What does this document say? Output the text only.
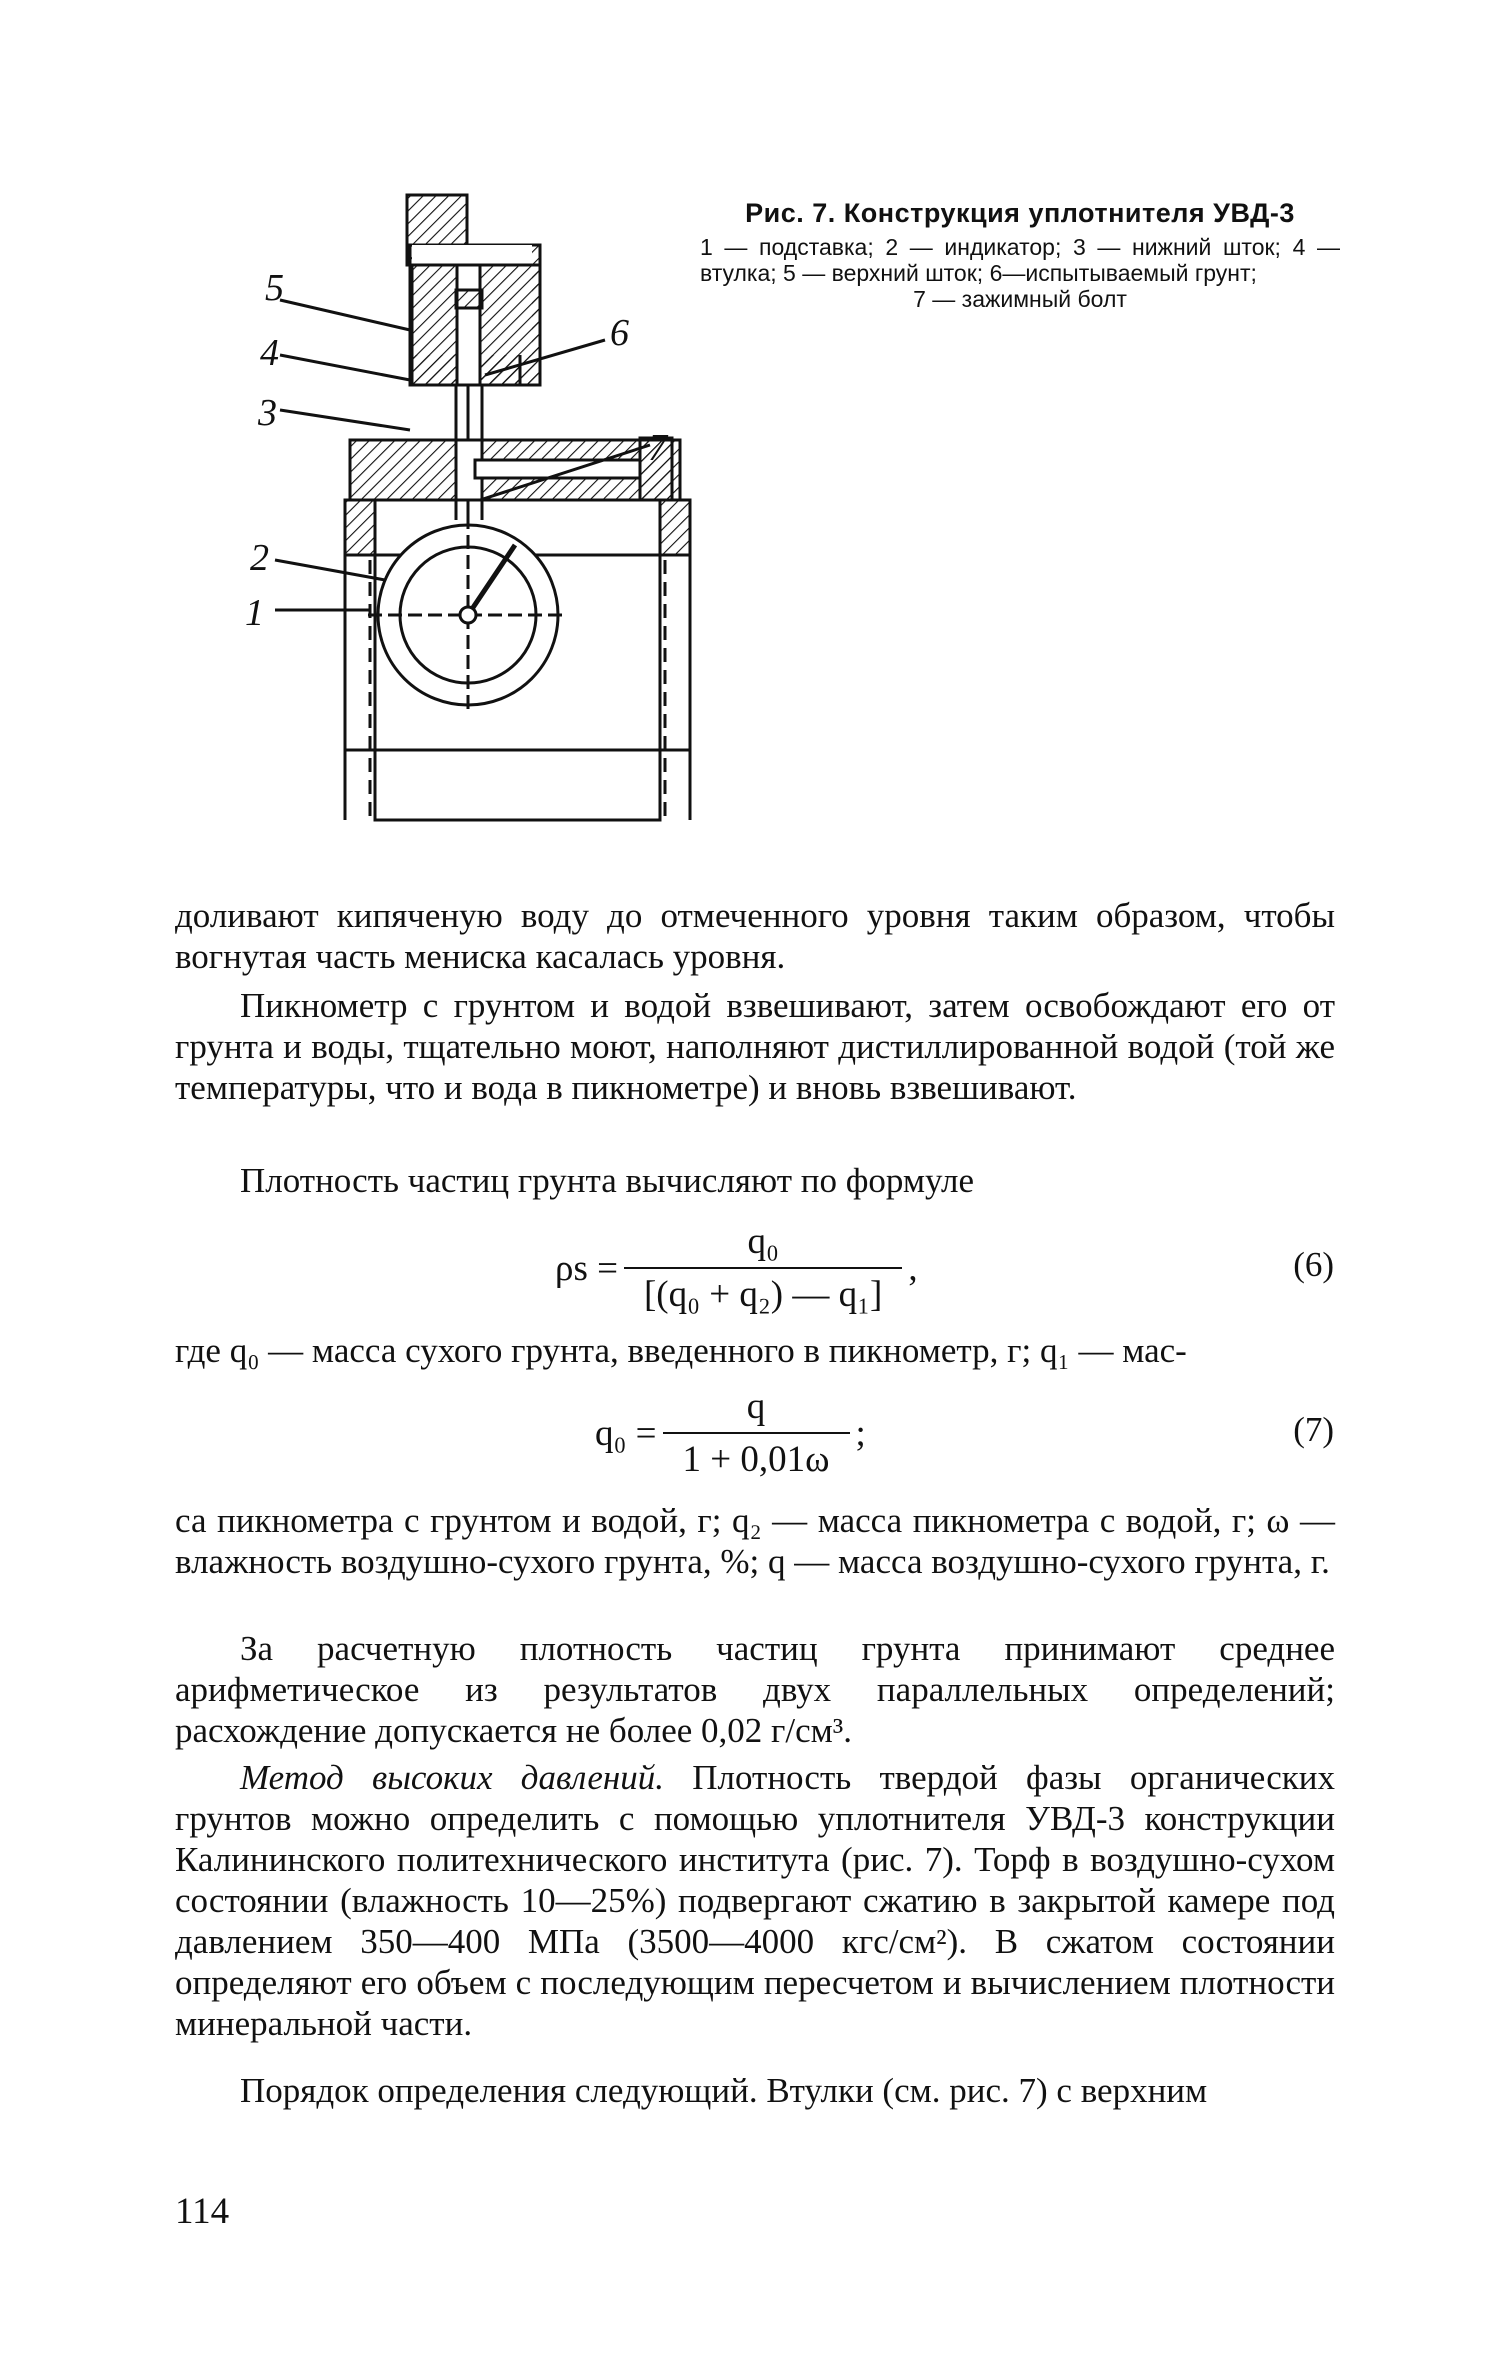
5
4
3
6
7
2
1
Рис. 7. Конструкция уплотнителя УВД-3
1 — подставка; 2 — индикатор; 3 — нижний шток; 4 — втулка; 5 — верхний шток; 6—испытываемый грунт;
7 — зажимный болт

доливают кипяченую воду до отмеченного уровня таким образом, чтобы вогнутая часть мениска касалась уровня.

Пикнометр с грунтом и водой взвешивают, затем освобождают его от грунта и воды, тщательно моют, наполняют дистиллированной водой (той же температуры, что и вода в пикнометре) и вновь взвешивают.

Плотность частиц грунта вычисляют по формуле

$\rho s = \frac{\text{q₀}}{\text{[(q₀ + q₂) — q₁]}}$ ,	(6)

где q₀ — масса сухого грунта, введенного в пикнометр, г; q₁ — мас-

$q_0 = \frac{q}{1 + 0,01\omega}$ ;	(7)

са пикнометра с грунтом и водой, г; q₂ — масса пикнометра с водой, г; ω — влажность воздушно-сухого грунта, %; q — масса воздушно-сухого грунта, г.

За расчетную плотность частиц грунта принимают среднее арифметическое из результатов двух параллельных определений; расхождение допускается не более 0,02 г/см³.

Метод высоких давлений. Плотность твердой фазы органических грунтов можно определить с помощью уплотнителя УВД-3 конструкции Калининского политехнического института (рис. 7). Торф в воздушно-сухом состоянии (влажность 10—25%) подвергают сжатию в закрытой камере под давлением 350—400 МПа (3500—4000 кгс/см²). В сжатом состоянии определяют его объем с последующим пересчетом и вычислением плотности минеральной части.

Порядок определения следующий. Втулки (см. рис. 7) с верхним

114
